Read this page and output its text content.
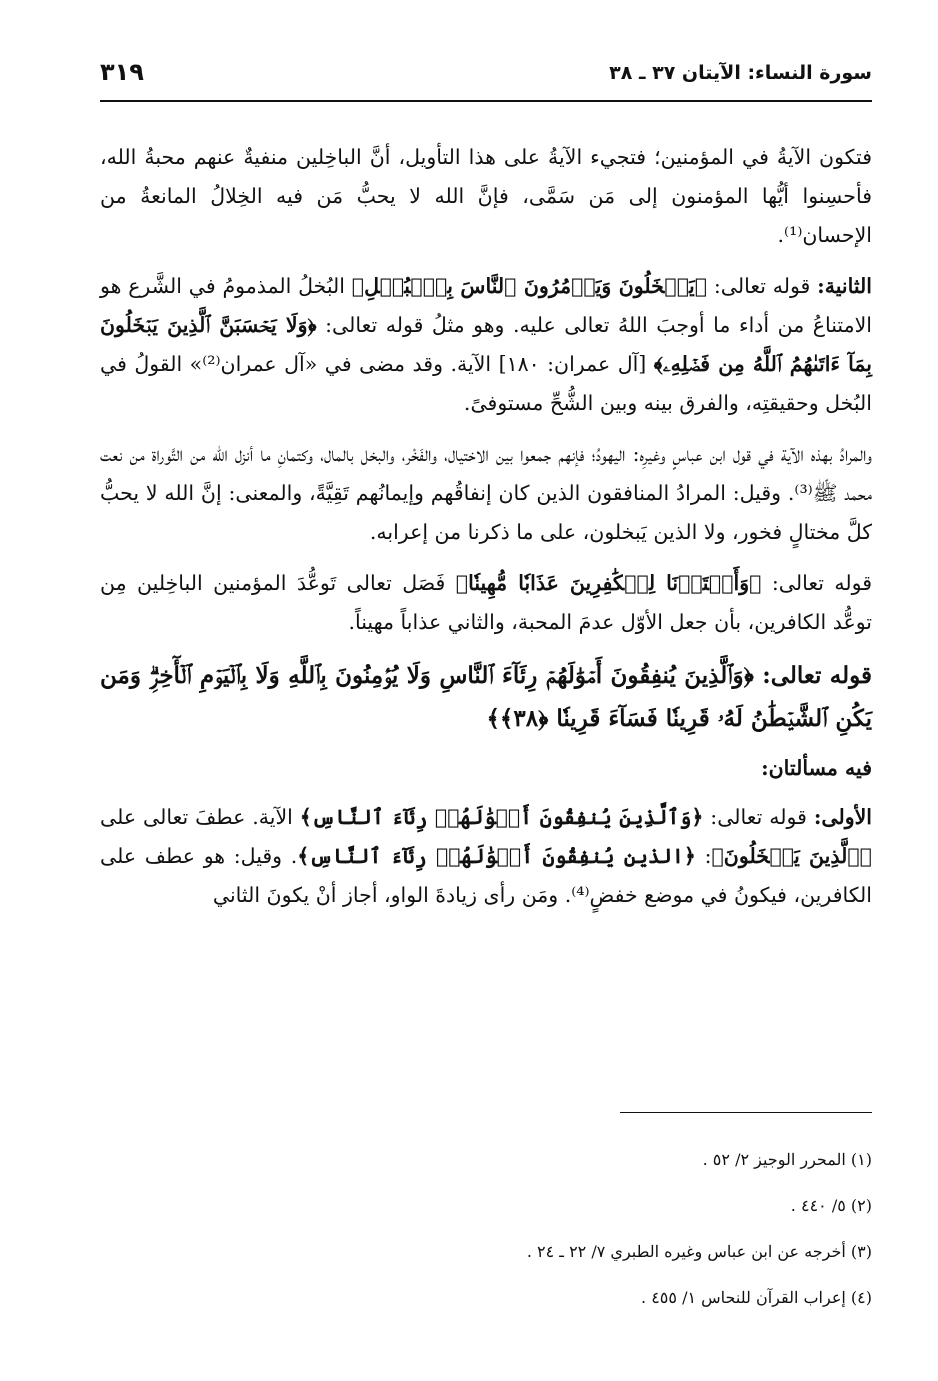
سورة النساء: الآيتان ٣٧ ـ ٣٨
٣١٩

فتكون الآيةُ في المؤمنين؛ فتجيء الآيةُ على هذا التأويل، أنَّ الباخِلين منفيةٌ عنهم محبةُ الله، فأحسِنوا أيُّها المؤمنون إلى مَن سَمَّى، فإنَّ الله لا يحبُّ مَن فيه الخِلالُ المانعةُ من الإحسان⁽¹⁾.

الثانية: قوله تعالى: ﴿يَبۡخَلُونَ وَيَأۡمُرُونَ ٱلنَّاسَ بِٱلۡبُخۡلِ﴾ البُخلُ المذمومُ في الشَّرع هو الامتناعُ من أداء ما أوجبَ اللهُ تعالى عليه. وهو مثلُ قوله تعالى: ﴿وَلَا يَحۡسَبَنَّ ٱلَّذِينَ يَبۡخَلُونَ بِمَآ ءَاتَىٰهُمُ ٱللَّهُ مِن فَضۡلِهِۦ﴾ [آل عمران: ١٨٠] الآية. وقد مضى في «آل عمران⁽²⁾» القولُ في البُخل وحقيقتِه، والفرق بينه وبين الشُّحِّ مستوفىً.

والمرادُ بهذه الآية في قول ابن عباسٍ وغيرِه: اليهودُ؛ فإنهم جمعوا بين الاختيال، والفَخْر، والبخل بالمال، وكتمانِ ما أنزل الله من التَّوراة من نعت محمد ﷺ⁽³⁾. وقيل: المرادُ المنافقون الذين كان إنفاقُهم وإيمانُهم تَقِيَّةً، والمعنى: إنَّ الله لا يحبُّ كلَّ مختالٍ فخور، ولا الذين يَبخلون، على ما ذكرنا من إعرابه.

قوله تعالى: ﴿وَأَعۡتَدۡنَا لِلۡكَٰفِرِينَ عَذَابٗا مُّهِينٗا﴾ فَصَل تعالى تَوعُّدَ المؤمنين الباخِلين مِن توعُّد الكافرين، بأن جعل الأوّل عدمَ المحبة، والثاني عذاباً مهيناً.

قوله تعالى: ﴿وَٱلَّذِينَ يُنفِقُونَ أَمۡوَٰلَهُمۡ رِئَآءَ ٱلنَّاسِ وَلَا يُؤۡمِنُونَ بِٱللَّهِ وَلَا بِٱلۡيَوۡمِ ٱلۡأٓخِرِۗ وَمَن يَكُنِ ٱلشَّيۡطَٰنُ لَهُۥ قَرِينٗا فَسَآءَ قَرِينٗا ﴿٣٨﴾﴾

فيه مسألتان:

الأولى: قوله تعالى: ﴿وَٱلَّذِينَ يُنفِقُونَ أَمۡوَٰلَهُمۡ رِئَآءَ ٱلنَّاسِ﴾ الآية. عطفَ تعالى على ﴿ٱلَّذِينَ يَبۡخَلُونَ﴾: ﴿الذين يُنفِقُونَ أَمۡوَٰلَهُمۡ رِئَآءَ ٱلنَّاسِ﴾. وقيل: هو عطف على الكافرين، فيكونُ في موضع خفضٍ⁽⁴⁾. ومَن رأى زيادةَ الواو، أجاز أنْ يكونَ الثاني

(١) المحرر الوجيز ٢/ ٥٢ .

(٢) ٥/ ٤٤٠ .

(٣) أخرجه عن ابن عباس وغيره الطبري ٧/ ٢٢ ـ ٢٤ .

(٤) إعراب القرآن للنحاس ١/ ٤٥٥ .
